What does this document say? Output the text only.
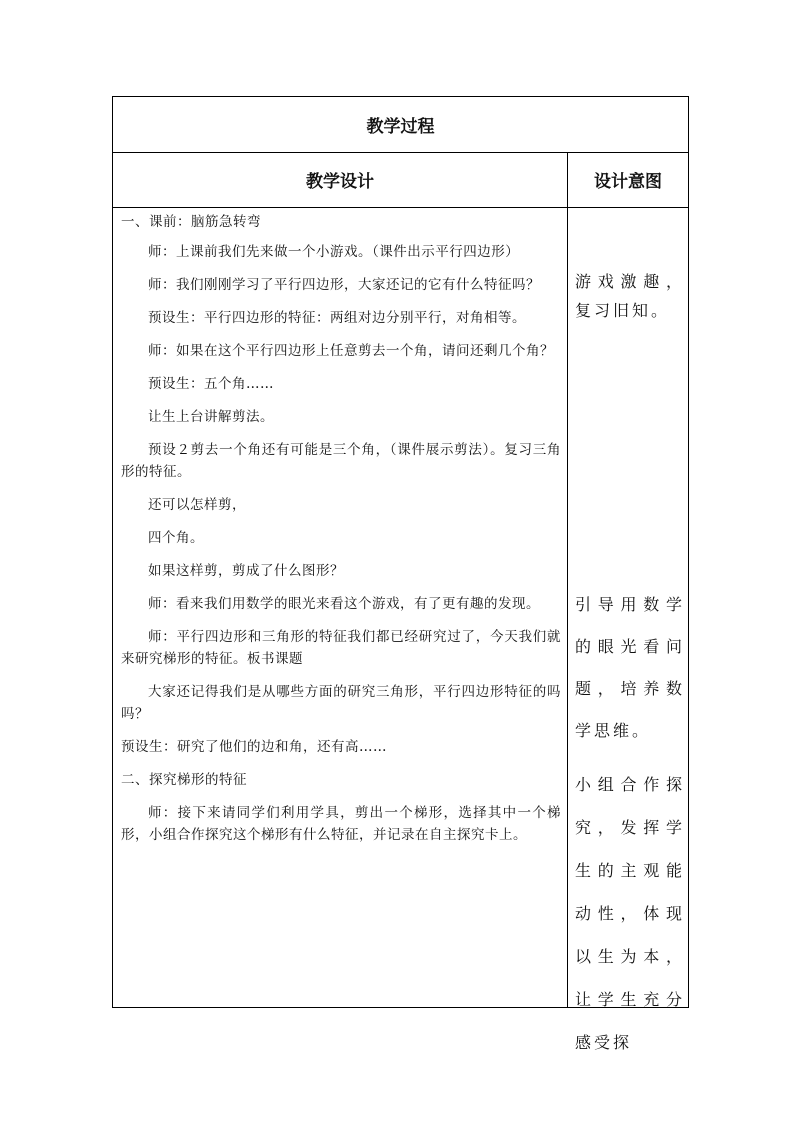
教学过程
教学设计	设计意图

一、课前：脑筋急转弯

师：上课前我们先来做一个小游戏。（课件出示平行四边形）

师：我们刚刚学习了平行四边形，大家还记的它有什么特征吗？

预设生：平行四边形的特征：两组对边分别平行，对角相等。

师：如果在这个平行四边形上任意剪去一个角，请问还剩几个角？

预设生：五个角……

让生上台讲解剪法。

预设２剪去一个角还有可能是三个角，（课件展示剪法）。复习三角形的特征。

还可以怎样剪，

四个角。

如果这样剪，剪成了什么图形？

师：看来我们用数学的眼光来看这个游戏，有了更有趣的发现。

师：平行四边形和三角形的特征我们都已经研究过了，今天我们就来研究梯形的特征。板书课题

大家还记得我们是从哪些方面的研究三角形，平行四边形特征的吗吗？

预设生：研究了他们的边和角，还有高……

二、探究梯形的特征

师：接下来请同学们利用学具，剪出一个梯形，选择其中一个梯形，小组合作探究这个梯形有什么特征，并记录在自主探究卡上。

游戏激趣，复习旧知。
引导用数学的眼光看问题，培养数学思维。
小组合作探究，发挥学生的主观能动性，体现以生为本，让学生充分感受探
